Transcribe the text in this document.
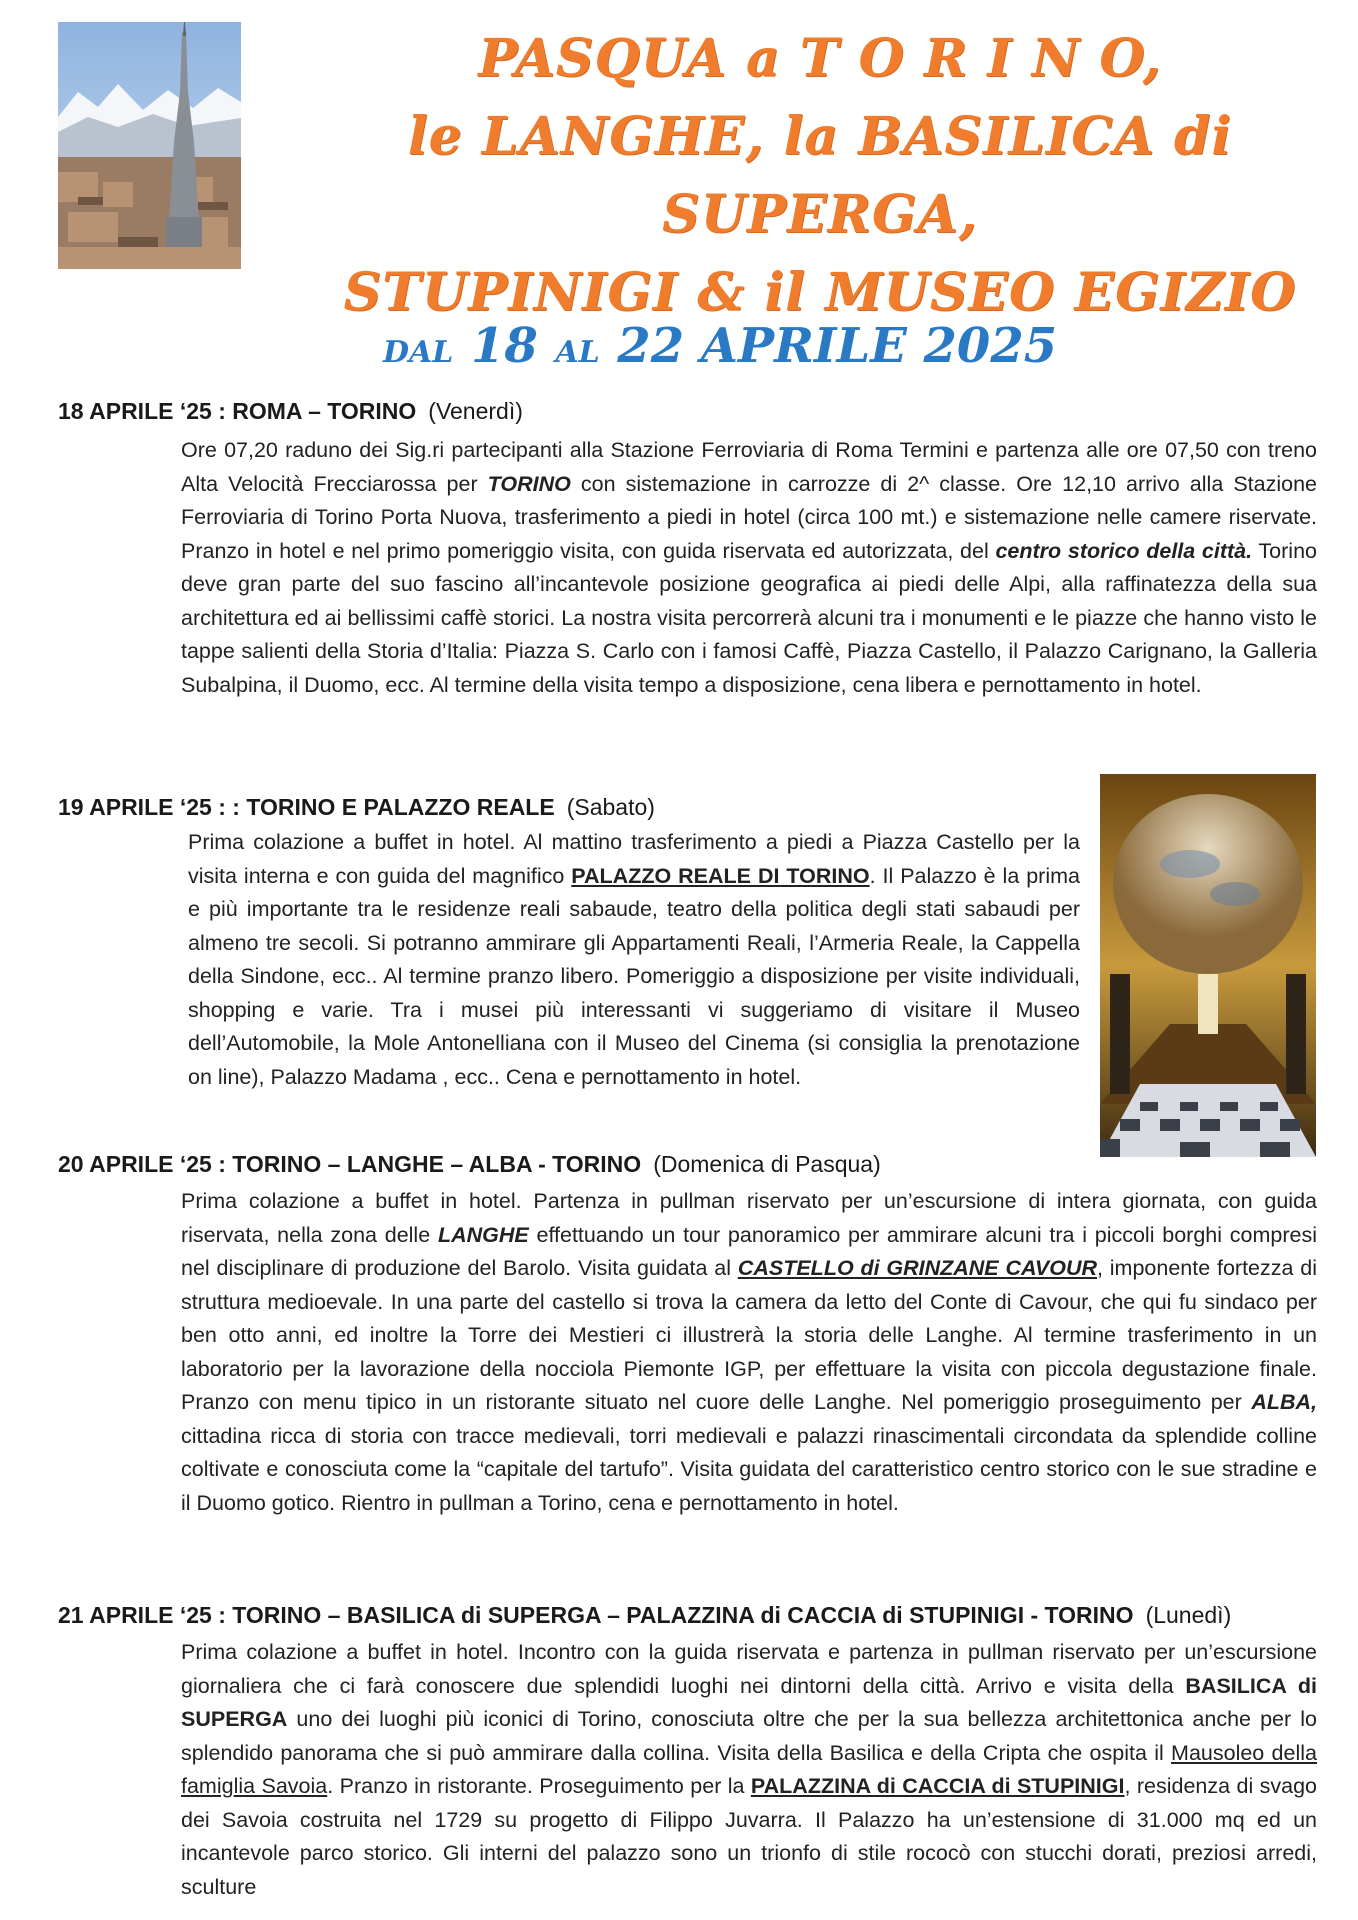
PASQUA a T O R I N O,
le LANGHE, la BASILICA di
SUPERGA,
STUPINIGI & il MUSEO EGIZIO
DAL 18 AL 22 APRILE 2025
18 APRILE ‘25 : ROMA – TORINO (Venerdì)
Ore 07,20 raduno dei Sig.ri partecipanti alla Stazione Ferroviaria di Roma Termini e partenza alle ore 07,50 con treno Alta Velocità Frecciarossa per TORINO con sistemazione in carrozze di 2^ classe. Ore 12,10 arrivo alla Stazione Ferroviaria di Torino Porta Nuova, trasferimento a piedi in hotel (circa 100 mt.) e sistemazione nelle camere riservate. Pranzo in hotel e nel primo pomeriggio visita, con guida riservata ed autorizzata, del centro storico della città. Torino deve gran parte del suo fascino all’incantevole posizione geografica ai piedi delle Alpi, alla raffinatezza della sua architettura ed ai bellissimi caffè storici. La nostra visita percorrerà alcuni tra i monumenti e le piazze che hanno visto le tappe salienti della Storia d’Italia: Piazza S. Carlo con i famosi Caffè, Piazza Castello, il Palazzo Carignano, la Galleria Subalpina, il Duomo, ecc. Al termine della visita tempo a disposizione, cena libera e pernottamento in hotel.
19 APRILE ‘25 : : TORINO E PALAZZO REALE (Sabato)
Prima colazione a buffet in hotel. Al mattino trasferimento a piedi a Piazza Castello per la visita interna e con guida del magnifico PALAZZO REALE DI TORINO. Il Palazzo è la prima e più importante tra le residenze reali sabaude, teatro della politica degli stati sabaudi per almeno tre secoli. Si potranno ammirare gli Appartamenti Reali, l’Armeria Reale, la Cappella della Sindone, ecc.. Al termine pranzo libero. Pomeriggio a disposizione per visite individuali, shopping e varie. Tra i musei più interessanti vi suggeriamo di visitare il Museo dell’Automobile, la Mole Antonelliana con il Museo del Cinema (si consiglia la prenotazione on line), Palazzo Madama , ecc.. Cena e pernottamento in hotel.
20 APRILE ‘25 : TORINO – LANGHE – ALBA - TORINO (Domenica di Pasqua)
Prima colazione a buffet in hotel. Partenza in pullman riservato per un’escursione di intera giornata, con guida riservata, nella zona delle LANGHE effettuando un tour panoramico per ammirare alcuni tra i piccoli borghi compresi nel disciplinare di produzione del Barolo. Visita guidata al CASTELLO di GRINZANE CAVOUR, imponente fortezza di struttura medioevale. In una parte del castello si trova la camera da letto del Conte di Cavour, che qui fu sindaco per ben otto anni, ed inoltre la Torre dei Mestieri ci illustrerà la storia delle Langhe. Al termine trasferimento in un laboratorio per la lavorazione della nocciola Piemonte IGP, per effettuare la visita con piccola degustazione finale. Pranzo con menu tipico in un ristorante situato nel cuore delle Langhe. Nel pomeriggio proseguimento per ALBA, cittadina ricca di storia con tracce medievali, torri medievali e palazzi rinascimentali circondata da splendide colline coltivate e conosciuta come la “capitale del tartufo”. Visita guidata del caratteristico centro storico con le sue stradine e il Duomo gotico. Rientro in pullman a Torino, cena e pernottamento in hotel.
21 APRILE ‘25 : TORINO – BASILICA di SUPERGA – PALAZZINA di CACCIA di STUPINIGI - TORINO (Lunedì)
Prima colazione a buffet in hotel. Incontro con la guida riservata e partenza in pullman riservato per un’escursione giornaliera che ci farà conoscere due splendidi luoghi nei dintorni della città. Arrivo e visita della BASILICA di SUPERGA uno dei luoghi più iconici di Torino, conosciuta oltre che per la sua bellezza architettonica anche per lo splendido panorama che si può ammirare dalla collina. Visita della Basilica e della Cripta che ospita il Mausoleo della famiglia Savoia. Pranzo in ristorante. Proseguimento per la PALAZZINA di CACCIA di STUPINIGI, residenza di svago dei Savoia costruita nel 1729 su progetto di Filippo Juvarra. Il Palazzo ha un’estensione di 31.000 mq ed un incantevole parco storico. Gli interni del palazzo sono un trionfo di stile rococò con stucchi dorati, preziosi arredi, sculture
